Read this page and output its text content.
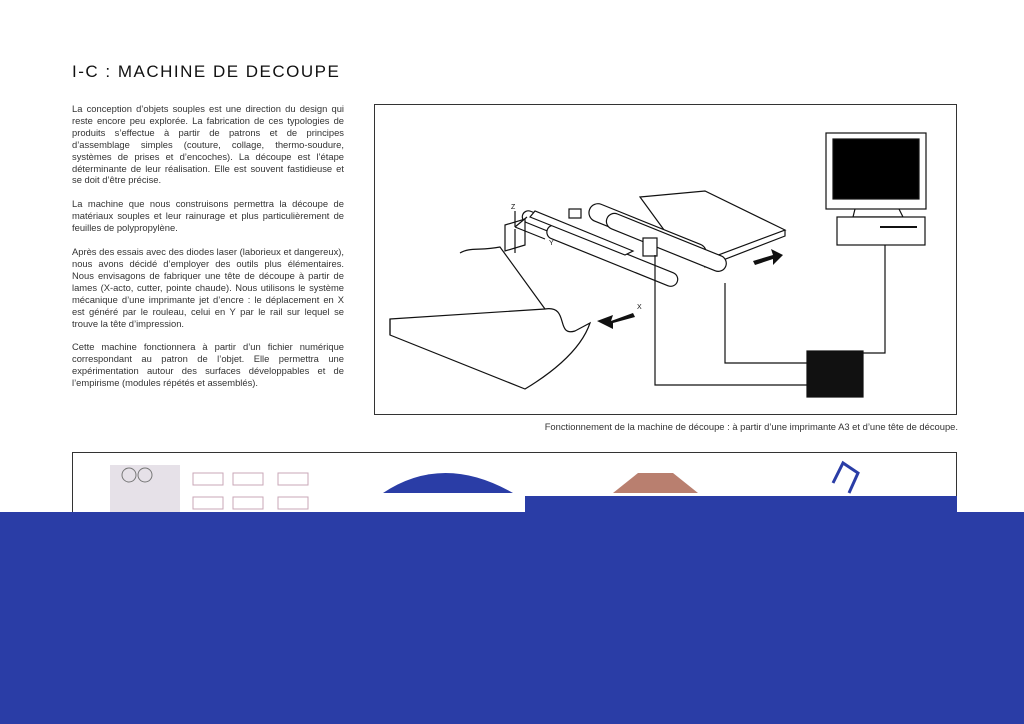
I-C : MACHINE DE DECOUPE

La conception d’objets souples est une direction du design qui reste encore peu explorée. La fabrication de ces typologies de produits s’effectue à partir de patrons et de principes d’assemblage simples (couture, collage, thermo-soudure, systèmes de prises et d’encoches). La découpe est l’étape déterminante de leur réalisation. Elle est souvent fastidieuse et se doit d’être précise.

La machine que nous construisons permettra la découpe de matériaux souples et leur rainurage et plus particulièrement de feuilles de polypropylène.

Après des essais avec des diodes laser (laborieux et dangereux), nous avons décidé d’employer des outils plus élémentaires. Nous envisagons de fabriquer une tête de découpe à partir de lames (X-acto, cutter, pointe chaude). Nous utilisons le système mécanique d’une imprimante jet d’encre : le déplacement en X est généré par le rouleau, celui en Y par le rail sur lequel se trouve la tête d’impression.

Cette machine fonctionnera à partir d’un fichier numérique correspondant au patron de l’objet. Elle permettra une expérimentation autour des surfaces développables et de l’empirisme (modules répétés et assemblés).

Z
Y
X
Fonctionnement de la machine de découpe : à partir d’une imprimante A3 et d’une tête de découpe.
